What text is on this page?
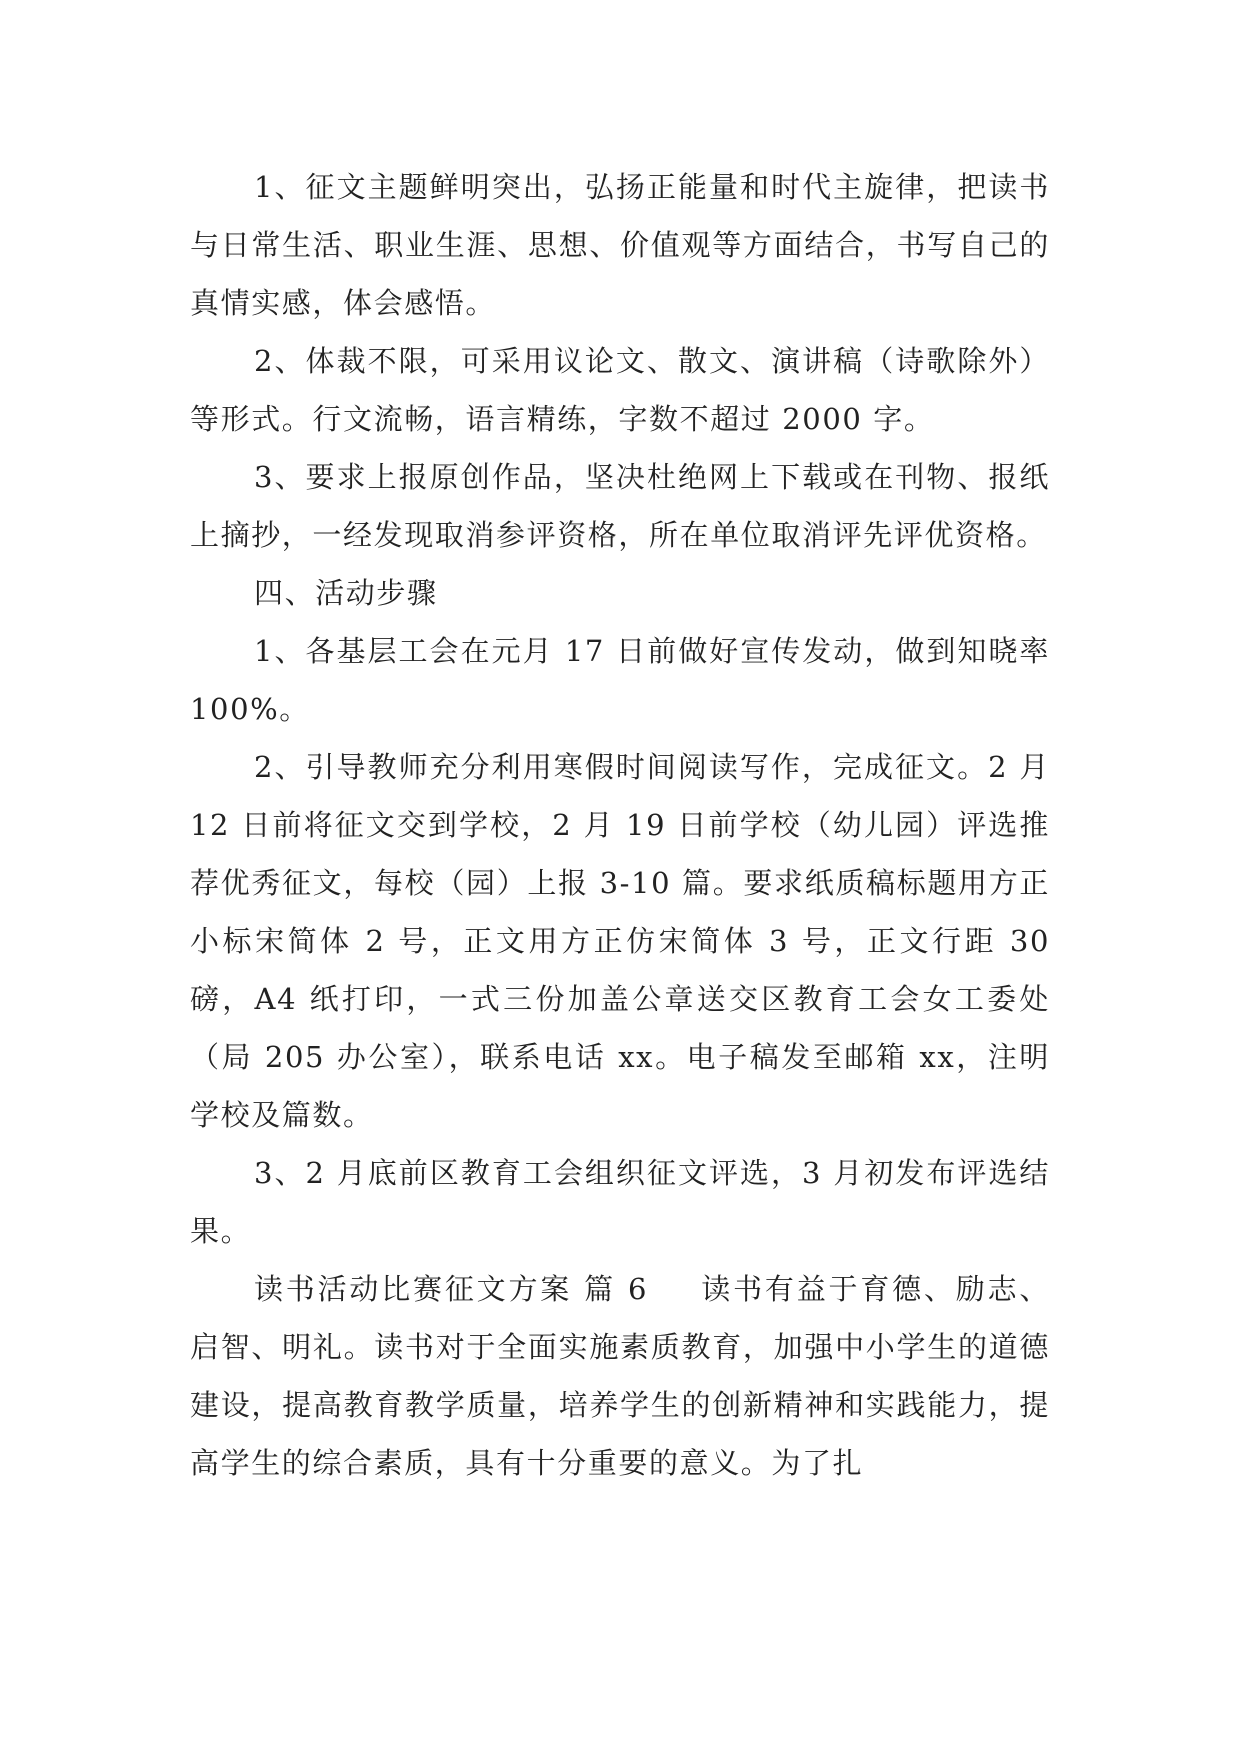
1、征文主题鲜明突出，弘扬正能量和时代主旋律，把读书与日常生活、职业生涯、思想、价值观等方面结合，书写自己的真情实感，体会感悟。

2、体裁不限，可采用议论文、散文、演讲稿（诗歌除外）等形式。行文流畅，语言精练，字数不超过 2000 字。

3、要求上报原创作品，坚决杜绝网上下载或在刊物、报纸上摘抄，一经发现取消参评资格，所在单位取消评先评优资格。

四、活动步骤

1、各基层工会在元月 17 日前做好宣传发动，做到知晓率 100%。

2、引导教师充分利用寒假时间阅读写作，完成征文。2 月 12 日前将征文交到学校，2 月 19 日前学校（幼儿园）评选推荐优秀征文，每校（园）上报 3-10 篇。要求纸质稿标题用方正小标宋简体 2 号，正文用方正仿宋简体 3 号，正文行距 30 磅，A4 纸打印，一式三份加盖公章送交区教育工会女工委处（局 205 办公室），联系电话 xx。电子稿发至邮箱 xx，注明学校及篇数。

3、2 月底前区教育工会组织征文评选，3 月初发布评选结果。

读书活动比赛征文方案 篇 6 读书有益于育德、励志、启智、明礼。读书对于全面实施素质教育，加强中小学生的道德建设，提高教育教学质量，培养学生的创新精神和实践能力，提高学生的综合素质，具有十分重要的意义。为了扎
